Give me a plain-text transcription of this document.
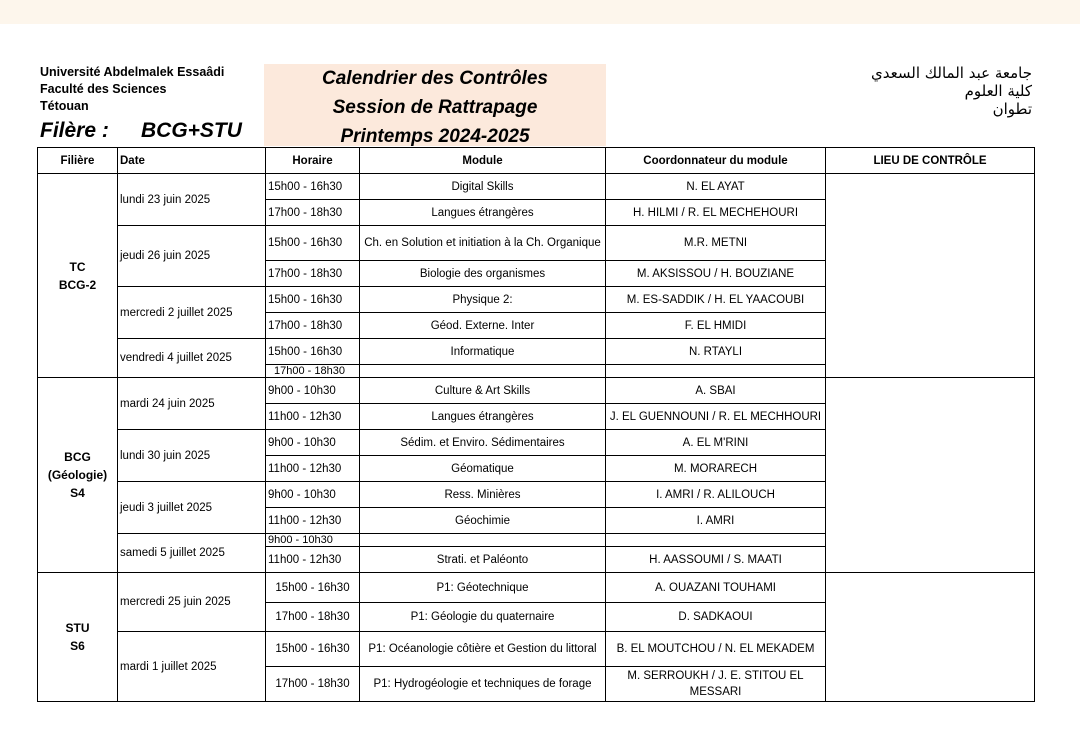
Université Abdelmalek Essaâdi
Faculté des Sciences
Tétouan
Filère : BCG+STU
Calendrier des Contrôles
Session de Rattrapage
Printemps 2024-2025
جامعة عبد المالك السعدي
كلية العلوم
تطوان
Filière	Date	Horaire	Module	Coordonnateur du module	LIEU DE CONTRÔLE

TC
BCG-2	lundi 23 juin 2025	15h00 - 16h30	Digital Skills	N. EL AYAT	
		17h00 - 18h30	Langues étrangères	H. HILMI / R. EL MECHEHOURI	
	jeudi 26 juin 2025	15h00 - 16h30	Ch. en Solution et initiation à la Ch. Organique	M.R. METNI	
		17h00 - 18h30	Biologie des organismes	M. AKSISSOU / H. BOUZIANE	
	mercredi 2 juillet 2025	15h00 - 16h30	Physique 2:	M. ES-SADDIK / H. EL YAACOUBI	
		17h00 - 18h30	Géod. Externe. Inter	F. EL HMIDI	
	vendredi 4 juillet 2025	15h00 - 16h30	Informatique	N. RTAYLI	
		17h00 - 18h30			

BCG
(Géologie) S4	mardi 24 juin 2025	9h00 - 10h30	Culture & Art Skills	A. SBAI	
		11h00 - 12h30	Langues étrangères	J. EL GUENNOUNI / R. EL MECHHOURI	
	lundi 30 juin 2025	9h00 - 10h30	Sédim. et Enviro. Sédimentaires	A. EL M'RINI	
		11h00 - 12h30	Géomatique	M. MORARECH	
	jeudi 3 juillet 2025	9h00 - 10h30	Ress. Minières	I. AMRI / R. ALILOUCH	
		11h00 - 12h30	Géochimie	I. AMRI	
	samedi 5 juillet 2025	9h00 - 10h30			
		11h00 - 12h30	Strati. et Paléonto	H. AASSOUMI / S. MAATI	

STU
S6	mercredi 25 juin 2025	15h00 - 16h30	P1: Géotechnique	A. OUAZANI TOUHAMI	
		17h00 - 18h30	P1: Géologie du quaternaire	D. SADKAOUI	
	mardi 1 juillet 2025	15h00 - 16h30	P1: Océanologie côtière et Gestion du littoral	B. EL MOUTCHOU / N. EL MEKADEM	
		17h00 - 18h30	P1: Hydrogéologie et techniques de forage	M. SERROUKH / J. E. STITOU EL MESSARI	
